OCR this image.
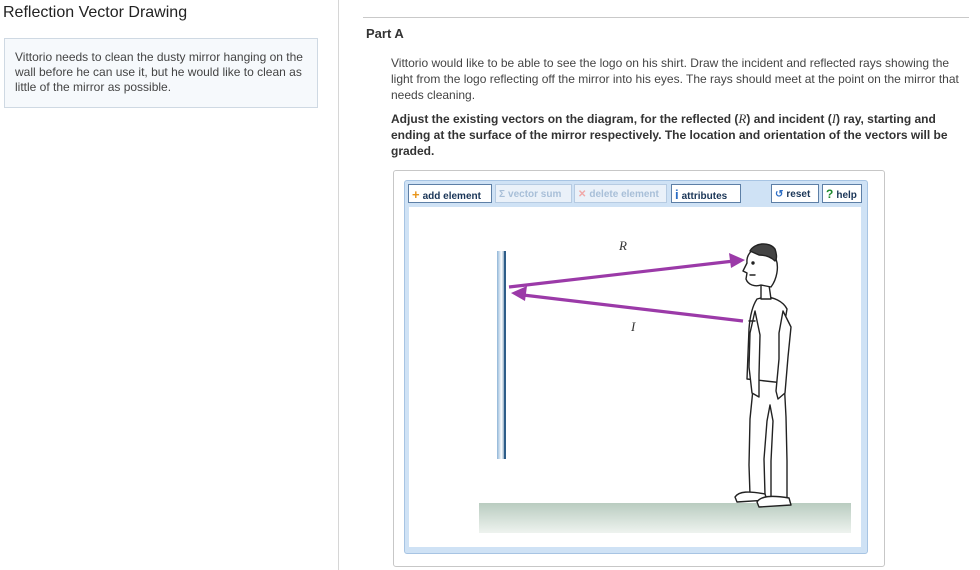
Reflection Vector Drawing
Vittorio needs to clean the dusty mirror hanging on the wall before he can use it, but he would like to clean as little of the mirror as possible.
Part A
Vittorio would like to be able to see the logo on his shirt. Draw the incident and reflected rays showing the light from the logo reflecting off the mirror into his eyes. The rays should meet at the point on the mirror that needs cleaning.
Adjust the existing vectors on the diagram, for the reflected (R) and incident (I) ray, starting and ending at the surface of the mirror respectively. The location and orientation of the vectors will be graded.
+ add element	Σ vector sum	✕ delete element	i attributes	↺ reset	? help
R
I
